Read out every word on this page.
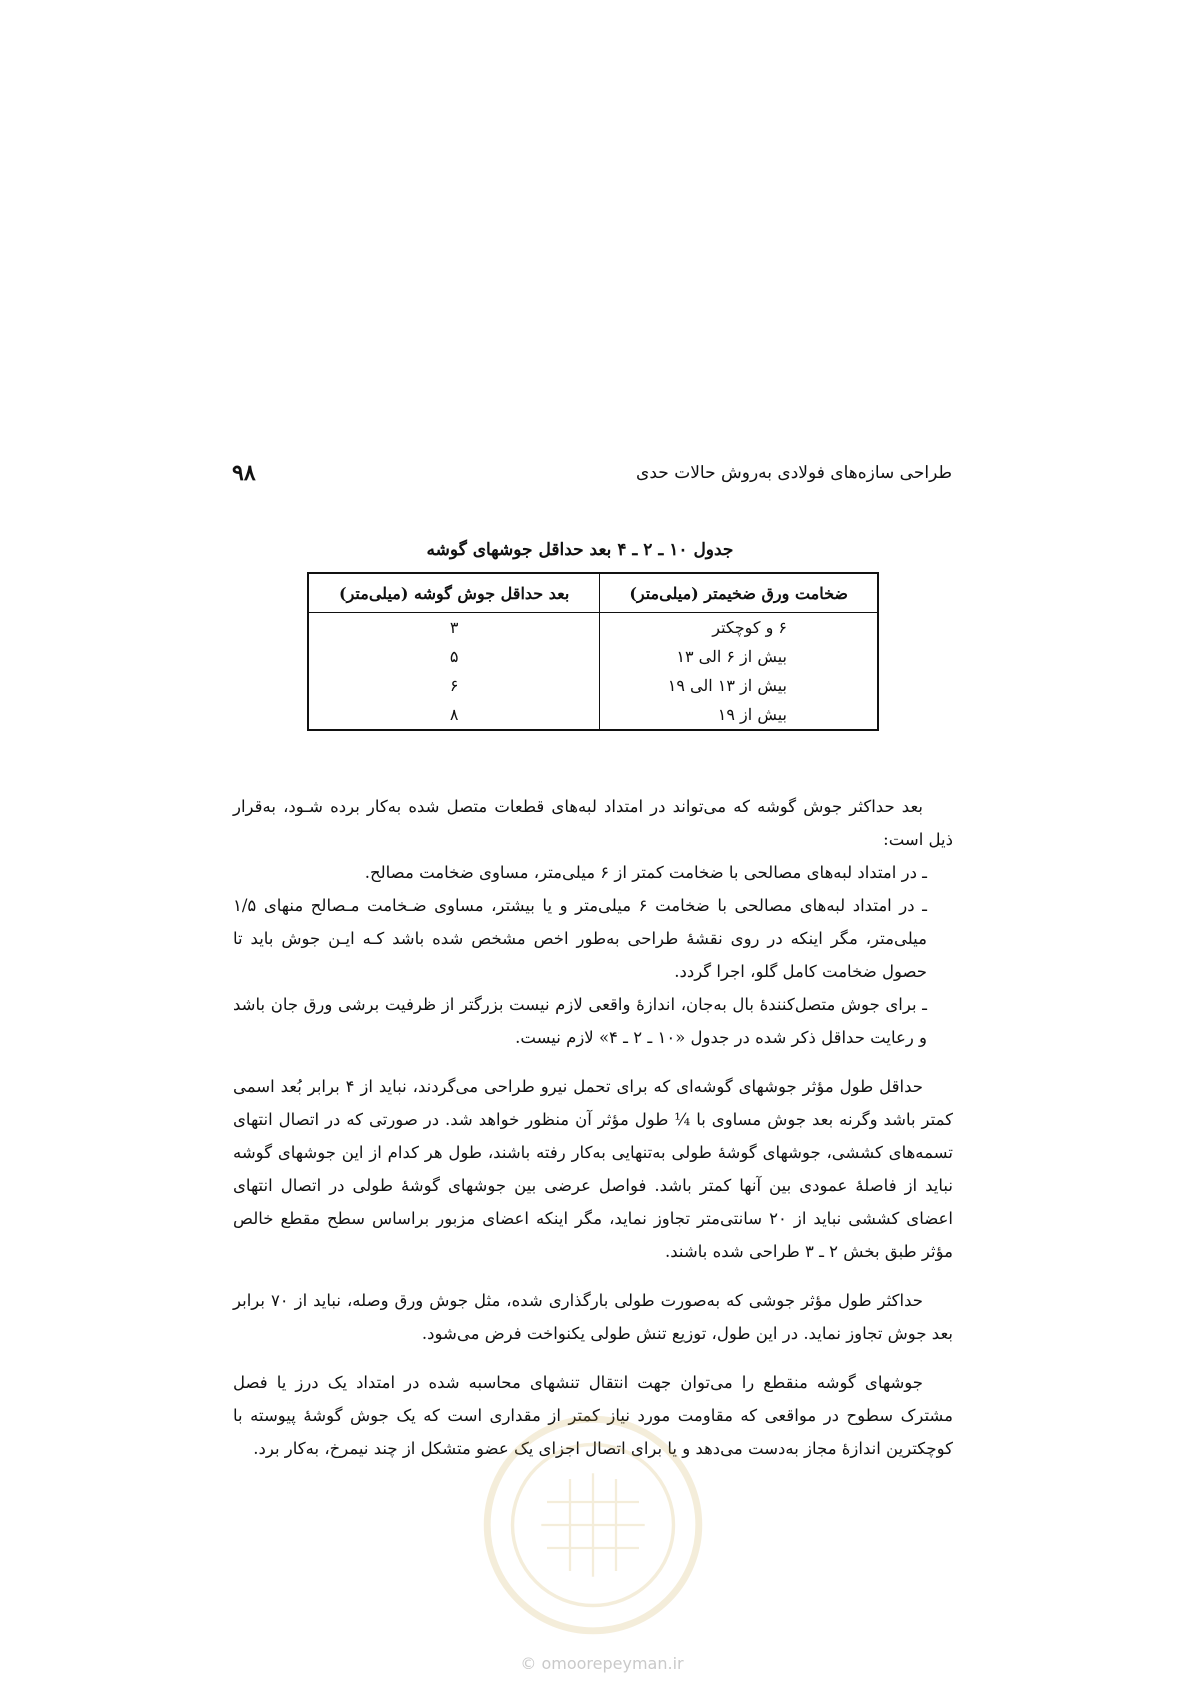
۹۸	طراحی سازه‌های فولادی به‌روش حالات حدی
جدول ۱۰ ـ ۲ ـ ۴ بعد حداقل جوشهای گوشه
ضخامت ورق ضخیمتر (میلی‌متر)	بعد حداقل جوش گوشه (میلی‌متر)
۶ و کوچکتر	۳
بیش از ۶ الی ۱۳	۵
بیش از ۱۳ الی ۱۹	۶
بیش از ۱۹	۸

بعد حداکثر جوش گوشه که می‌تواند در امتداد لبه‌های قطعات متصل شده به‌کار برده شـود، به‌قرار ذیل است:

ـ در امتداد لبه‌های مصالحی با ضخامت کمتر از ۶ میلی‌متر، مساوی ضخامت مصالح.

ـ در امتداد لبه‌های مصالحی با ضخامت ۶ میلی‌متر و یا بیشتر، مساوی ضـخامت مـصالح منهای ۱/۵ میلی‌متر، مگر اینکه در روی نقشهٔ طراحی به‌طور اخص مشخص شده باشد کـه ایـن جوش باید تا حصول ضخامت کامل گلو، اجرا گردد.

ـ برای جوش متصل‌کنندهٔ بال به‌جان، اندازهٔ واقعی لازم نیست بزرگتر از ظرفیت برشی ورق جان باشد و رعایت حداقل ذکر شده در جدول «۱۰ ـ ۲ ـ ۴» لازم نیست.

حداقل طول مؤثر جوشهای گوشه‌ای که برای تحمل نیرو طراحی می‌گردند، نباید از ۴ برابر بُعد اسمی کمتر باشد وگرنه بعد جوش مساوی با ¼ طول مؤثر آن منظور خواهد شد. در صورتی که در اتصال انتهای تسمه‌های کششی، جوشهای گوشهٔ طولی به‌تنهایی به‌کار رفته باشند، طول هر کدام از این جوشهای گوشه نباید از فاصلهٔ عمودی بین آنها کمتر باشد. فواصل عرضی بین جوشهای گوشهٔ طولی در اتصال انتهای اعضای کششی نباید از ۲۰ سانتی‌متر تجاوز نماید، مگر اینکه اعضای مزبور براساس سطح مقطع خالص مؤثر طبق بخش ۲ ـ ۳ طراحی شده باشند.

حداکثر طول مؤثر جوشی که به‌صورت طولی بارگذاری شده، مثل جوش ورق وصله، نباید از ۷۰ برابر بعد جوش تجاوز نماید. در این طول، توزیع تنش طولی یکنواخت فرض می‌شود.

جوشهای گوشه منقطع را می‌توان جهت انتقال تنشهای محاسبه شده در امتداد یک درز یا فصل مشترک سطوح در مواقعی که مقاومت مورد نیاز کمتر از مقداری است که یک جوش گوشهٔ پیوسته با کوچکترین اندازهٔ مجاز به‌دست می‌دهد و یا برای اتصال اجزای یک عضو متشکل از چند نیمرخ، به‌کار برد.

© omoorepeyman.ir
